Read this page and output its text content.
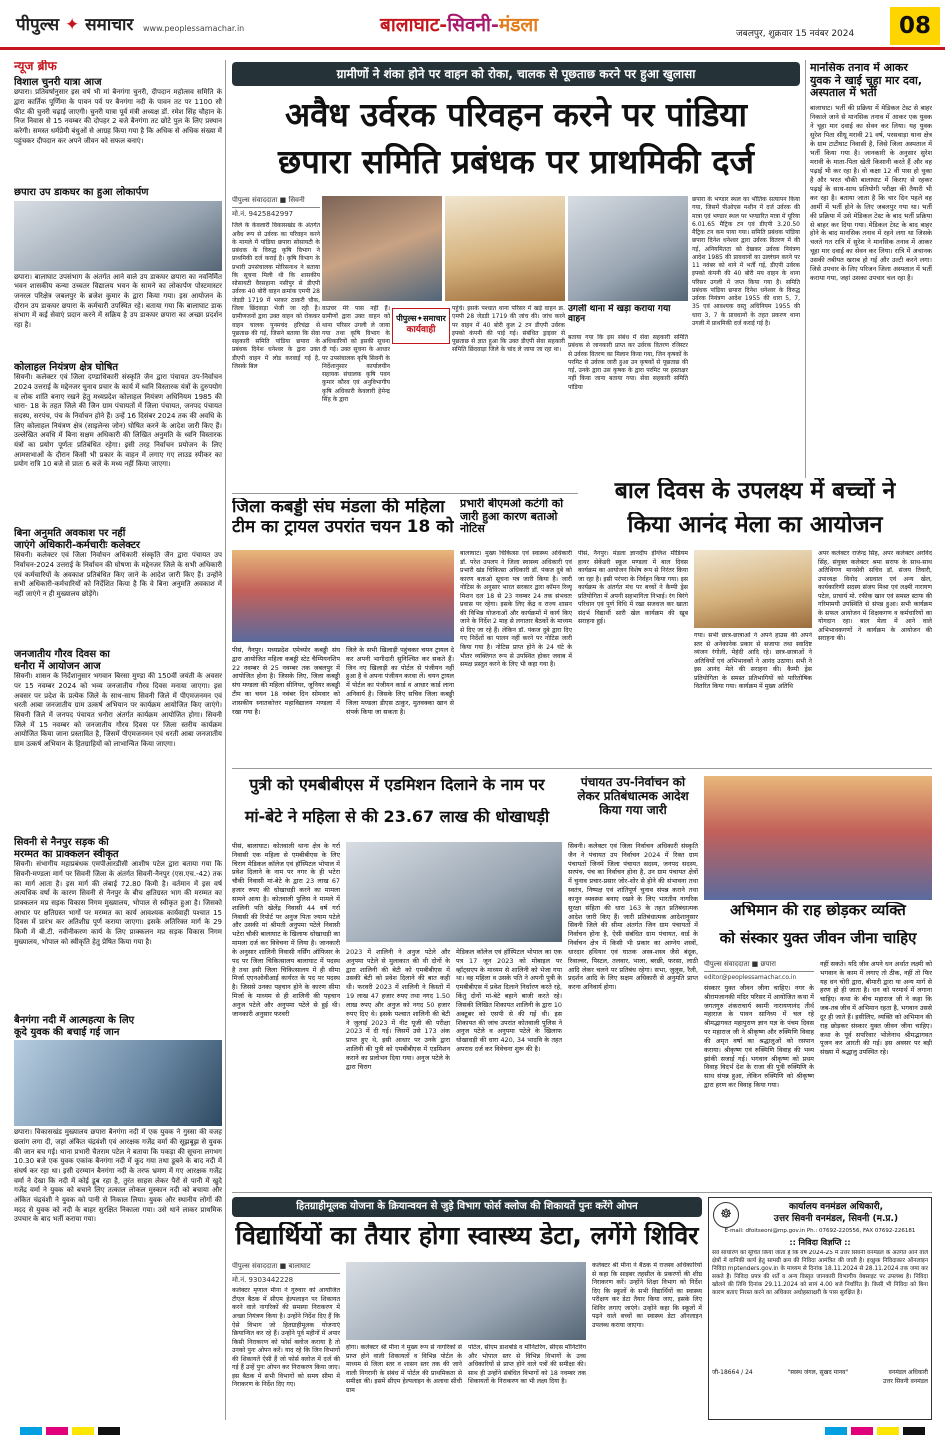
पीपुल्स ✦ समाचार www.peoplessamachar.in	बालाघाट-सिवनी-मंडला	जबलपुर, शुक्रवार 15 नवंबर 2024	08
न्यूज ब्रीफ
विशाल चुनरी यात्रा आज
छपारा। प्रतिवर्षानुसार इस वर्ष भी मां बैनगंगा चुनरी, दीपदान महोत्सव समिति के द्वारा कार्तिक पूर्णिमा के पावन पर्व पर बैनगंगा नदी के पावन तट पर 1100 सौ फीट की चुनरी चढ़ाई जाएगी। चुनरी यात्रा पूर्व मंत्री अध्यक्ष डॉ. रमेश सिंह चौहान के निज निवास से 15 नवम्बर की दोपहर 2 बजे बैनगंगा तट छोटे पुल के लिए प्रस्थान करेगी। समस्त धर्मप्रेमी बंधुओं से आग्रह किया गया है कि अधिक से अधिक संख्या में पहुंचकर दीपदान कर अपने जीवन को सफल बनाएं।
छपारा उप डाकघर का हुआ लोकार्पण
छपारा। बालाघाट उपसंभाग के अंतर्गत आने वाले उप डाकघर छपारा का नवनिर्मित भवन शासकीय कन्या उच्चतर विद्यालय भवन के सामने का लोकार्पण पोस्टमास्टर जनरल परिक्षेत्र जबलपुर के ब्रजेश कुमार के द्वारा किया गया। इस आयोजन के दौरान उप डाकघर छपारा के कर्मचारी उपस्थित रहे। बताया गया कि बालाघाट डाक संभाग में कई सेवाएं प्रदान करने में सक्रिय है उप डाकघर छपारा का अच्छा प्रदर्शन रहा है।
कोलाहल नियंत्रण क्षेत्र घोषित
सिवनी। कलेक्टर एवं जिला दण्डाधिकारी संस्कृति जैन द्वारा पंचायत उप-निर्वाचन 2024 उत्तराई के मद्देनजर चुनाव प्रचार के कार्य में ध्वनि विस्तारक यंत्रों के दुरुपयोग व लोक शांति बनाए रखने हेतु मध्यप्रदेश कोलाहल नियंत्रण अधिनियम 1985 की धारा- 18 के तहत जिले की जिन ग्राम पंचायतों में जिला पंचायत, जनपद पंचायत सदस्य, सरपंच, पंच के निर्वाचन होने हैं। उन्हें 16 दिसंबर 2024 तक की अवधि के लिए कोलाहल नियंत्रण क्षेत्र (साइलेन्स जोन) घोषित करने के आदेश जारी किए हैं। उल्लेखित अवधि में बिना सक्षम अधिकारी की लिखित अनुमति के ध्वनि विस्तारक यंत्रों का प्रयोग पूर्णतः प्रतिबंधित रहेगा। इसी तरह निर्वाचन प्रयोजन के लिए आमसभाओं के दौरान किसी भी प्रकार के वाहन में लगाए गए लाउड स्पीकर का प्रयोग रात्रि 10 बजे से प्रातः 6 बजे के मध्य नहीं किया जाएगा।
बिना अनुमति अवकाश पर नहीं
जाएंगे अधिकारी-कर्मचारीः कलेक्टर
सिवनी। कलेक्टर एवं जिला निर्वाचन अधिकारी संस्कृति जैन द्वारा पंचायत उप निर्वाचन-2024 उत्तराई के निर्वाचन की घोषणा के मद्देनजर जिले के सभी अधिकारी एवं कर्मचारियों के अवकाश प्रतिबंधित किए जाने के आदेश जारी किए हैं। उन्होंने सभी अधिकारी-कर्मचारियों को निर्देशित किया है कि वे बिना अनुमति अवकाश में नहीं जाएंगे न ही मुख्यालय छोड़ेंगे।
जनजातीय गौरव दिवस का
धनौरा में आयोजन आज
सिवनी। शासन के निर्देशानुसार भगवान बिरसा मुण्डा की 150वीं जयंती के अवसर पर 15 नवम्बर 2024 को भव्य जनजातीय गौरव दिवस मनाया जाएगा। इस अवसर पर प्रदेश के प्रत्येक जिले के साथ-साथ सिवनी जिले में पीएमजनमन एवं धरती आबा जनजातीय ग्राम उत्कर्ष अभियान पर कार्यक्रम आयोजित किए जाएंगे। सिवनी जिले में जनपद पंचायत धनौरा अंतर्गत कार्यक्रम आयोजित होगा। सिवनी जिले में 15 नवम्बर को जनजातीय गौरव दिवस पर जिला स्तरीय कार्यक्रम आयोजित किया जाना प्रस्तावित है, जिसमें पीएमजनमन एवं धरती आबा जनजातीय ग्राम उत्कर्ष अभियान के हितग्राहियों को लाभान्वित किया जाएगा।
सिवनी से नैनपुर सड़क की
मरम्मत का प्राक्कलन स्वीकृत
सिवनी। संभागीय महाप्रबंधक एमपीआरडीसी आशीष पटेल द्वारा बताया गया कि सिवनी-मण्डला मार्ग पर सिवनी जिला के अंतर्गत सिवनी-नैनपुर (एस.एच.-42) तक का मार्ग आता है। इस मार्ग की लंबाई 72.80 किमी है। वर्तमान में इस वर्ष अत्यधिक वर्षा के कारण सिवनी से नैनपुर के बीच क्षतिग्रस्त भाग की मरम्मत का प्राक्कलन मप्र सड़क विकास निगम मुख्यालय, भोपाल से स्वीकृत हुआ है। जिसको आधार पर क्षतिग्रस्त भागों पर मरम्मत का कार्य आवश्यक कार्यवाही पश्चात 15 दिवस में प्रारंभ कर अतिशीघ्र पूर्ण कराया जाएगा। इसके अतिरिक्त मार्ग के 29 किमी में बी.टी. नवीनीकरण कार्य के लिए प्राक्कलन मप्र सड़क विकास निगम मुख्यालय, भोपाल को स्वीकृति हेतु प्रेषित किया गया है।
बैनगंगा नदी में आत्महत्या के लिए
कूदे युवक की बचाई गई जान
छपारा। विकासखंड मुख्यालय छपारा बैनगंगा नदी में एक युवक ने गुस्सा की वजह छलांग लगा दी, जहां अंकित चंद्रवंशी एवं आरक्षक गजेंद्र वर्मा की सूझबूझ से युवक की जान बच गई। थाना प्रभारी चैतराम पटेल ने बताया कि पकड़ा की सूचना लगभग 10.30 बजे एक युवक एकांक बैनगंगा नदी में कूद गया तथा डूबने के बाद नदी में संघर्ष कर रहा था। इसी दरम्यान बैनगंगा नदी के तरफ भ्रमण में गए आरक्षक गजेंद्र वर्मा ने देखा कि नदी में कोई डूब रहा है, तुरंत साहस लेकर पैरों से पानी में खुदे गजेंद्र वर्मा ने युवक को बचाने लिए तत्काल लोकल मुस्कान नदी को बचाया और अंकित चंद्रवंशी ने युवक को पानी से निकाल लिया। युवक और स्थानीय लोगों की मदद से युवक को नदी के बाहर सुरक्षित निकाला गया। उसे थाने लाकर प्राथमिक उपचार के बाद भर्ती कराया गया।
ग्रामीणों ने शंका होने पर वाहन को रोका, चालक से पूछताछ करने पर हुआ खुलासा
अवैध उर्वरक परिवहन करने पर पांडिया
छपारा समिति प्रबंधक पर प्राथमिकी दर्ज
पीपुल्स संवाददाता ■ सिवनी
मो.नं. 9425842997
जिले के केवलारी विकासखंड के अंतर्गत अवैध रूप से उर्वरक का परिवहन करने के मामले में पांडिया छपारा सोसायटी के प्रबंधक के विरुद्ध कृषि विभाग ने प्राथमिकी दर्ज कराई है। कृषि विभाग के प्रभारी उपसंचालक मोरिसनाथ ने बताया कि सूचना मिली थी कि शासकीय सोसायटी वैरसहाना नसीपुर से डीएपी उर्वरक 40 बोरी वाहन क्रमांक एमपी 28 जेडडी 1719 में भरकर ठाकरी चौक, जिला छिंदवाड़ा भेजी जा रही है। ग्रामीणजनों द्वारा उक्त वाहन को रोककर वाहन चालक पुनमचंद हरिचंद्रा से पूछताछ की गई, जिसने बताया कि सेवा सहकारी समिति पांडिया छपारा के प्रबंधक दिनेश धनेश्वर के द्वारा उक्त डीएपी वाहन में लोड करवाई गई है, जिसके बिल
वाउचर मेरे पास नहीं हैं। ग्रामीणों द्वारा उक्त वाहन को थाना परिसर उगली ले जाया गया तथा कृषि विभाग के अधिकारियों को इसकी सूचना दी गई। उक्त सूचना के आधार पर उपसंचालक कृषि सिवनी के निर्देशानुसार कार्यालयीन सहायक संचालक कृषि पवन कुमार कौरव एवं अनुविभागीय कृषि अधिकारी केवलारी हेमेन्द्र सिंह के द्वारा
पीपुल्स✦समाचार
कार्यवाही
पहुंचे। इसके पश्चात थाना परिसर में खड़े वाहन क्र. एमपी 28 जेडडी 1719 की जांच की। जांच करने पर वाहन में 40 बोरी कुल 2 टन डीएपी उर्वरक इफ्को कंपनी की पाई गई। संबंधित ड्राइवर से पूछताछ से ज्ञात हुआ कि उक्त डीएपी सेवा सहकारी समिति छिंदवाड़ा जिले के चांद ले जाया जा रहा था।
उगली थाना में खड़ा कराया गया वाहन
बताया गया कि इस संबंध में सेवा सहकारी समिति प्रबंधक से जानकारी प्राप्त कर उर्वरक वितरण रजिस्टर से उर्वरक वितरण का मिलान किया गया, जिन कृषकों के परमिट से उर्वरक जारी हुआ उन कृषकों से पूछताछ की गई, उनके द्वारा उस कृषक के द्वारा परमिट पर हस्ताक्षर नहीं किया जाना बताया गया। सेवा सहकारी समिति पांडिया
छपारा के भण्डार स्थल का भौतिक सत्यापन किया गया, जिसमें पीओएस मशीन में दर्ज उर्वरक की मात्रा एवं भण्डार स्थल पर भण्डारित मात्रा में यूरिया 6.01.65 मैट्रिक टन एवं डीएपी 3.20.50 मैट्रिक टन कम पाया गया। समिति प्रबंधक पांडिया छपारा दिनेश धनेश्वर द्वारा उर्वरक वितरण में की गई, अनियमितता को देखकर उर्वरक नियंत्रण आदेश 1985 की प्रावधानों का उल्लंघन करने पर 11 नवंबर को थाने में भर्ती गई, डीएपी उर्वरक इफ्को कंपनी की 40 बोरी मय वाहन के थाना परिसर उगली में जप्त किया गया है। समिति प्रबंधक पांडिया छपारा दिनेश धनेश्वर के विरुद्ध उर्वरक नियंत्रण आदेश 1955 की धारा 5, 7, 35 एवं आवश्यक वस्तु अधिनियम 1955 की धारा 3, 7 के प्रावधानों के तहत प्रकरण थाना उगली में प्राथमिकी दर्ज कराई गई है।
मानसिक तनाव में आकर युवक ने खाई चूहा मार दवा, अस्पताल में भर्ती
बालाघाट। भर्ती की प्रक्रिया में मेडिकल टेस्ट से बाहर निकाले जाने से मानसिक तनाव में आकर एक युवक ने चूहा मार दवाई का सेवन कर लिया। यह युवक सुरेश पिता सीधू मरावी 21 वर्ष, परसवाड़ा थाना क्षेत्र के ग्राम टाटीघाट निवासी है, जिसे जिला अस्पताल में भर्ती किया गया है। जानकारी के अनुसार सुरेश मरावी के माता-पिता खेती किसानी करते हैं और वह पढ़ाई भी कर रहा है। वो कक्षा 12 वीं पास हो चुका है और भरत चौकी बालाघाट में किराए से रहकर पढ़ाई के साथ-साथ प्रतियोगी परीक्षा की तैयारी भी कर रहा है। बताया जाता है कि चार दिन पहले वह आर्मी में भर्ती होने के लिए जबलपुर गया था। भर्ती की प्रक्रिया में उसे मेडिकल टेस्ट के बाद भर्ती प्रक्रिया से बाहर कर दिया गया। मेडिकल टेस्ट के बाद बाहर होने के बाद मानसिक तनाव में रहने लगा था जिसके चलते गत रात्रि में सुरेश ने मानसिक तनाव में आकर चूहा मार दवाई का सेवन कर लिया। रात्रि में अचानक उसकी तबीयत खराब हो गई और उल्टी करने लगा। जिसे उपचार के लिए परिजन जिला अस्पताल में भर्ती कराया गया, जहां उसका उपचार चल रहा है।
जिला कबड्डी संघ मंडला की महिला टीम का ट्रायल उपरांत चयन 18 को
पीसं, नैनपुर। मध्यप्रदेश एमेच्योर कबड्डी संघ द्वारा आयोजित महिला कबड्डी स्टेट चैम्पियनशिप 22 नवम्बर से 25 नवम्बर तक जबलपुर में आयोजित होना है। जिसके लिए, जिला कबड्डी संघ मण्डला की महिला सीनियर, जूनियर कबड्डी टीम का चयन 18 नवंबर दिन सोमवार को शासकीय स्नातकोत्तर महाविद्यालय मण्डला में रखा गया है।
जिले के सभी खिलाड़ी पहुंचकर चयन ट्रायल दे कर अपनी भागीदारी सुनिश्चित कर सकते हैं। जिन नए खिलाड़ी का पोर्टल से पंजीयन नहीं हुआ है वे अपना पंजीयन करवा लें। चयन ट्रायल में पोर्टल का पंजीयन कार्ड व आधार कार्ड लाना अनिवार्य है। जिसके लिए सचिव जिला कबड्डी जिला मण्डला डीएस ठाकुर, मुतवक्का खान से संपर्क किया जा सकता है।
प्रभारी बीएमओ कटंगी को जारी हुआ कारण बताओ नोटिस
बालाघाट। मुख्य चिकित्सा एवं स्वास्थ्य अधिकारी डॉ. परेश उपलप ने जिला स्वास्थ्य अधिकारी एवं प्रभारी खंड चिकित्सा अधिकारी डॉ. पंकज दुबे को कारण बताओ सूचना पत्र जारी किया है। जारी नोटिस के अनुसार भारत सरकार द्वारा कॉमन रिव्यू मिशन दल 18 से 23 नवम्बर 24 तक संभवतः प्रवास पर रहेगा। इसके लिए केंद्र व राज्य शासन की विभिन्न योजनाओं और कार्यक्रमों में कार्य किए जाने के निर्देश 2 माह से लगातार बैठकों के माध्यम से दिए जा रहे हैं। लेकिन डॉ. पंकज दुबे द्वारा दिए गए निर्देशों का पालन नहीं करने पर नोटिस जारी किया गया है। नोटिस प्राप्त होने के 24 घंटे के भीतर व्यक्तिगत रूप से उपस्थित होकर जवाब में समक्ष प्रस्तुत करने के लिए भी कहा गया है।
बाल दिवस के उपलक्ष्य में बच्चों ने
किया आनंद मेला का आयोजन
पीसं, नैनपुर। मंडला ज्ञानदीप इंग्लिश मीडियम हायर सेकेंडरी स्कूल मण्डला में बाल दिवस कार्यक्रम का आयोजन विशेष रूप से निरंतर किया जा रहा है। इसी परंपरा के निर्वहन किया गया। इस कार्यक्रम के अंतर्गत मंच पर बच्चों ने कैम्पी ड्रेस प्रतियोगिता में अपनी सहभागिता निभाई। रंग बिरंगे परिधान एवं पूर्ण विधि में रखा सजधज कर खाता संदर्भ विद्यार्थी सारी खेल कार्यक्रम की खूब सराहना हुई।
गया। सभी छात्र-छात्राओं ने अपने हाउस की अपने स्तर से अनेकानेक प्रकार से सजाया तथा स्वादिष्ट व्यंजन रंगोली, मेहंदी आदि रहे। छात्र-छात्राओं ने अतिथियों एवं अभिभावकों ने आनंद उठाया। सभी ने इस आनंद मेले की सराहना की। कैम्पी ड्रेस प्रतियोगिता के समस्त प्रतिभागियों को पारितोषिक वितरित किया गया। कार्यक्रम में मुख्य अतिथि
अपर कलेक्टर राजेन्द्र सिंह, अपर कलेक्टर अरविंद सिंह, संयुक्त कलेक्टर श्रमा सराफ के साथ-साथ अतिथिगण मानसेवी सचिव डॉ. संजय तिवारी, उपाध्यक्ष विनोद अग्रवाल एवं अन्य खेल, कार्यकारिणी सदस्य संजय मिश्रा एवं लक्ष्मी नारायण पटेल, प्राचार्य मो. रफीक खान एवं समस्त स्टाफ की गरिमामयी उपस्थिति से संपन्न हुआ। सभी कार्यक्रम के सफल आयोजन में शिक्षकगण व कर्मचारियों का योगदान रहा। बाल मेला में आने वाले अभिभावकगणों ने कार्यक्रम के आयोजन की सराहना की।
पुत्री को एमबीबीएस में एडमिशन दिलाने के नाम पर
मां-बेटे ने महिला से की 23.67 लाख की धोखाधड़ी
पीसं, बालाघाट। कोतवाली थाना क्षेत्र के गर्रा निवासी एक महिला से एमबीबीएस के लिए चिराग मेडिकल कॉलेज एवं हॉस्पिटल भोपाल में प्रवेश दिलाने के नाम पर नगर के ही भटेरा चौकी निवासी मां-बेटे के द्वारा 23 लाख 67 हजार रुपए की धोखाधड़ी करने का मामला सामने आया है। कोतवाली पुलिस ने मामले में शालिनी पति खेलेंद्र निवासी 44 वर्ष गर्रा निवासी की रिपोर्ट पर अनुज पिता ज्याम पटेले और उसकी मां श्रीमती अनुपमा पटेले निवासी भटेरा चौकी बालाघाट के खिलाफ धोखाधड़ी का मामला दर्ज कर विवेचना में लिया है। जानकारी के अनुसार शालिनी निवासी नर्सिंग ऑफिसर के पद पर जिला चिकित्सालय बालाघाट में पदस्थ है तथा इसी जिला चिकित्सालय में ही सीमा मिर्जा एएनओवीआई कार्यरत के पद पर पदस्थ है। जिससे उनका पहचान होने के कारण सीमा मिर्जा के माध्यम से ही शालिनी की पहचान अनुज पटेले और अनुपमा पटेले से हुई थी। जानकारी अनुसार फरवरी
2023 में शालिनी ने अनुज पटेले और अनुपमा पटेले से मुलाकात की थी दोनों के द्वारा शालिनी की बेटी को एमबीबीएस में उसकी बेटी को प्रवेश दिलाने की बात कही थी। फरवरी 2023 में शालिनी ने किस्तों में 19 लाख 47 हजार रुपए तथा नगद 1.50 लाख रुपए और अनुज को नगद 50 हजार रुपए दिए थे। इसके पश्चात शालिनी की बेटी ने जुलाई 2023 में नीट यूजी की परीक्षा 2023 में दी गई। जिसमें उसे 173 अंक प्राप्त हुए थे, इसी आधार पर उनके द्वारा शालिनी की पुत्री को एमबीबीएस में एडमिशन कराने का प्रलोभन दिया गया। अनुज पटेले के द्वारा चिराग
मेडिकल कॉलेज एवं हॉस्पिटल भोपाल का एक पत्र 17 जून 2023 को मोबाइल पर व्हॉट्सएप के माध्यम से शालिनी को भेजा गया था। वह महिला व उसके पति ने अपनी पुत्री के एमबीबीएस में प्रवेश दिलाने निर्धारण करते रहे, किंतु दोनों मां-बेटे बहाने बाजी करते रहे। जिसकी लिखित शिकायत शालिनी के द्वारा 10 अक्टूबर को एसपी से की गई थी। इस शिकायत की जांच उपरांत कोतवाली पुलिस ने अनुज पटेले व अनुपमा पटेले के खिलाफ धोखाधड़ी की धारा 420, 34 भादवि के तहत अपराध दर्ज कर विवेचना शुरू की है।
पंचायत उप-निर्वाचन को लेकर प्रतिबंधात्मक आदेश किया गया जारी
सिवनी। कलेक्टर एवं जिला निर्वाचन अधिकारी संस्कृति जैन ने पंचायत उप निर्वाचन 2024 में रिक्त ग्राम पंचायतों जिनमें जिला पंचायत सदस्य, जनपद सदस्य, सरपंच, पंच का निर्वाचन होना है, उन ग्राम पंचायत क्षेत्रों में चुनाव प्रचार-प्रसार जोर-शोर से होने की संभावना तथा स्वतंत्र, निष्पक्ष एवं शांतिपूर्ण चुनाव संपन्न कराने तथा कानून व्यवस्था बनाए रखने के लिए भारतीय नागरिक सुरक्षा संहिता की धारा 163 के तहत प्रतिबंधात्मक आदेश जारी किए हैं। जारी प्रतिबंधात्मक आदेशानुसार सिवनी जिले की सीमा अंतर्गत जिन ग्राम पंचायतों में निर्वाचन होना है, ऐसी संबंधित ग्राम पंचायत, वार्ड के निर्वाचन क्षेत्र में किसी भी प्रकार का आग्नेय शस्त्रों, धारदार हथियार एवं घातक अस्त्र-शस्त्र जैसे बंदूक, रिवाल्वर, पिस्टल, तलवार, भाला, बरछी, फरसा, लाठी आदि लेकर चलने पर प्रतिबंध रहेगा। सभा, जुलूस, रैली, प्रदर्शन आदि के लिए सक्षम अधिकारी से अनुमति प्राप्त करना अनिवार्य होगा।
अभिमान की राह छोड़कर व्यक्ति
को संस्कार युक्त जीवन जीना चाहिए
पीपुल्स संवाददाता ■ छपारा
editor@peoplessamachar.co.in
संस्कार युक्त जीवन जीना चाहिए। नगर के श्रीरामजानकी मंदिर परिसर में आयोजित कथा में जगतगुरु शंकराचार्य स्वामी नारायणानंद तीर्थ महाराज के पावन सानिध्य में चल रहे श्रीमद्भागवत महापुराण ज्ञान यज्ञ के पंचम दिवस पर महाराज जी ने श्रीकृष्ण और रुक्मिणि विवाह की अमृत वर्षा का श्रद्धालुओं को रसपान कराया। श्रीकृष्ण एवं रुक्मिणि विवाह की भव्य झांकी सजाई गई। भगवान श्रीकृष्ण को प्रथम विवाह विदर्भ देश के राजा की पुत्री रुक्मिणि के साथ संपन्न हुआ, लेकिन रुक्मिणि को श्रीकृष्ण द्वारा हरण कर विवाह किया गया।
नहीं सकते। यदि जीव अपने धन अर्थात लक्ष्मी को भगवान के काम में लगाए तो ठीक, नहीं तो फिर यह धन चोरी द्वारा, बीमारी द्वारा या अन्य मार्ग से हरण हो ही जाता है। धन को परमार्थ में लगाना चाहिए। कथा के बीच महाराज जी ने कहा कि जब-तब जीव में अभिमान रहता है, भगवान उससे दूर ही जाते हैं। इसीलिए, व्यक्ति को अभिमान की राह छोड़कर संस्कार युक्त जीवन जीना चाहिए। कथा के पूर्व सपरिवार भोलेनाथ श्रीमद्भागवत पूजन कर आरती की गई। इस अवसर पर बड़ी संख्या में श्रद्धालु उपस्थित रहे।
हितग्राहीमूलक योजना के क्रियान्वयन से जुड़े विभाग फोर्स क्लोज की शिकायतें पुनः करेंगे ओपन
विद्यार्थियों का तैयार होगा स्वास्थ्य डेटा, लगेंगे शिविर
पीपुल्स संवाददाता ■ बालाघाट
मो.नं. 9303442228
कलेक्टर मृणाल मीना ने गुरुवार को आयोजित टीएल बैठक में सीएम हेल्पलाइन पर शिकायत करने वाले नागरिकों की समस्या निराकरण में अच्छा नियंत्रण किया है। उन्होंने निर्देश दिए हैं कि ऐसे विभाग जो हितग्राहीमूलक योजनाएं क्रियान्वित कर रहे हैं। उन्होंने पूर्व महीनों में अपार किसी निराकरण को फोर्स क्लोज कराया है तो उनको पुनः ओपन करें। याद रहे कि जिन विभागों की शिकायतें ऐसी हैं जो फोर्स क्लोज में दर्ज की गई हैं उन्हें पुनः ओपन कर निराकरण किया जाए। इस बैठक में सभी विभागों को समय सीमा में निराकरण के निर्देश दिए गए।
होगा। कलेक्टर श्री मीना ने मुख्य रूप से नागरिकों से प्राप्त होने वाली शिकायतों व विभिन्न पोर्टल के माध्यम से जिला स्तर व शासन स्तर तक की जाने वाली निगरानी के संबंध में पोर्टल की प्राथमिकता से समीक्षा की। इसमें सीएम हेल्पलाइन के अलावा सीधी ग्राम
पोर्टल, सीएम डाशबोर्ड व मॉनिटरिंग, सीएस मॉनिटरिंग और भोपाल स्तर से विभिन्न विभागों के उच्च अधिकारियों से प्राप्त होने वाले पत्रों की समीक्षा की। साथ ही उन्होंने संबंधित विभागों को 18 नवम्बर तक शिकायतों के निराकरण का भी लक्ष्य दिया है।
कलेक्टर श्री मीना ने बैठक में राजस्व अधिकारियों से कहा कि साइबर तहसील के प्रकरणों की शीघ्र निराकरण करें। उन्होंने शिक्षा विभाग को निर्देश दिए कि स्कूलों के सभी विद्यार्थियों का स्वास्थ्य परीक्षण कर डेटा तैयार किया जाए, इसके लिए शिविर लगाए जाएंगे। उन्होंने कहा कि स्कूलों में पढ़ने वाले बच्चों का स्वास्थ्य डेटा ऑनलाइन उपलब्ध कराया जाएगा।
☸	कार्यालय वनमंडल अधिकारी,
उत्तर सिवनी वनमंडल, सिवनी (म.प्र.)
E-mail: dfoitseoni@mp.gov.in Ph.: 07692-220556, FAX 07692-226181
:: निविदा विज्ञप्ति ::
सर्व साधारण को सूचित किया जाता है कि वर्ष 2024-25 में उत्तर सिवनी वनमंडल के अंतर्गत आने वाले क्षेत्रों में वानिकी कार्य हेतु सामग्री क्रय की निविदा आमंत्रित की जाती है। इच्छुक निविदाकार ऑनलाइन निविदा mptenders.gov.in के माध्यम से दिनांक 18.11.2024 से 28.11.2024 तक जमा कर सकते हैं। निविदा प्रपत्र की शर्तें व अन्य विस्तृत जानकारी विभागीय वेबसाइट पर उपलब्ध है। निविदा खोलने की तिथि दिनांक 29.11.2024 को सायं 4.00 बजे निर्धारित है। किसी भी निविदा को बिना कारण बताए निरस्त करने का अधिकार अधोहस्ताक्षरी के पास सुरक्षित है।
जी-18664 / 24	"स्वस्थ जंगल, सुखद मानव"	वनमंडल अधिकारी
उत्तर सिवनी वनमंडल
